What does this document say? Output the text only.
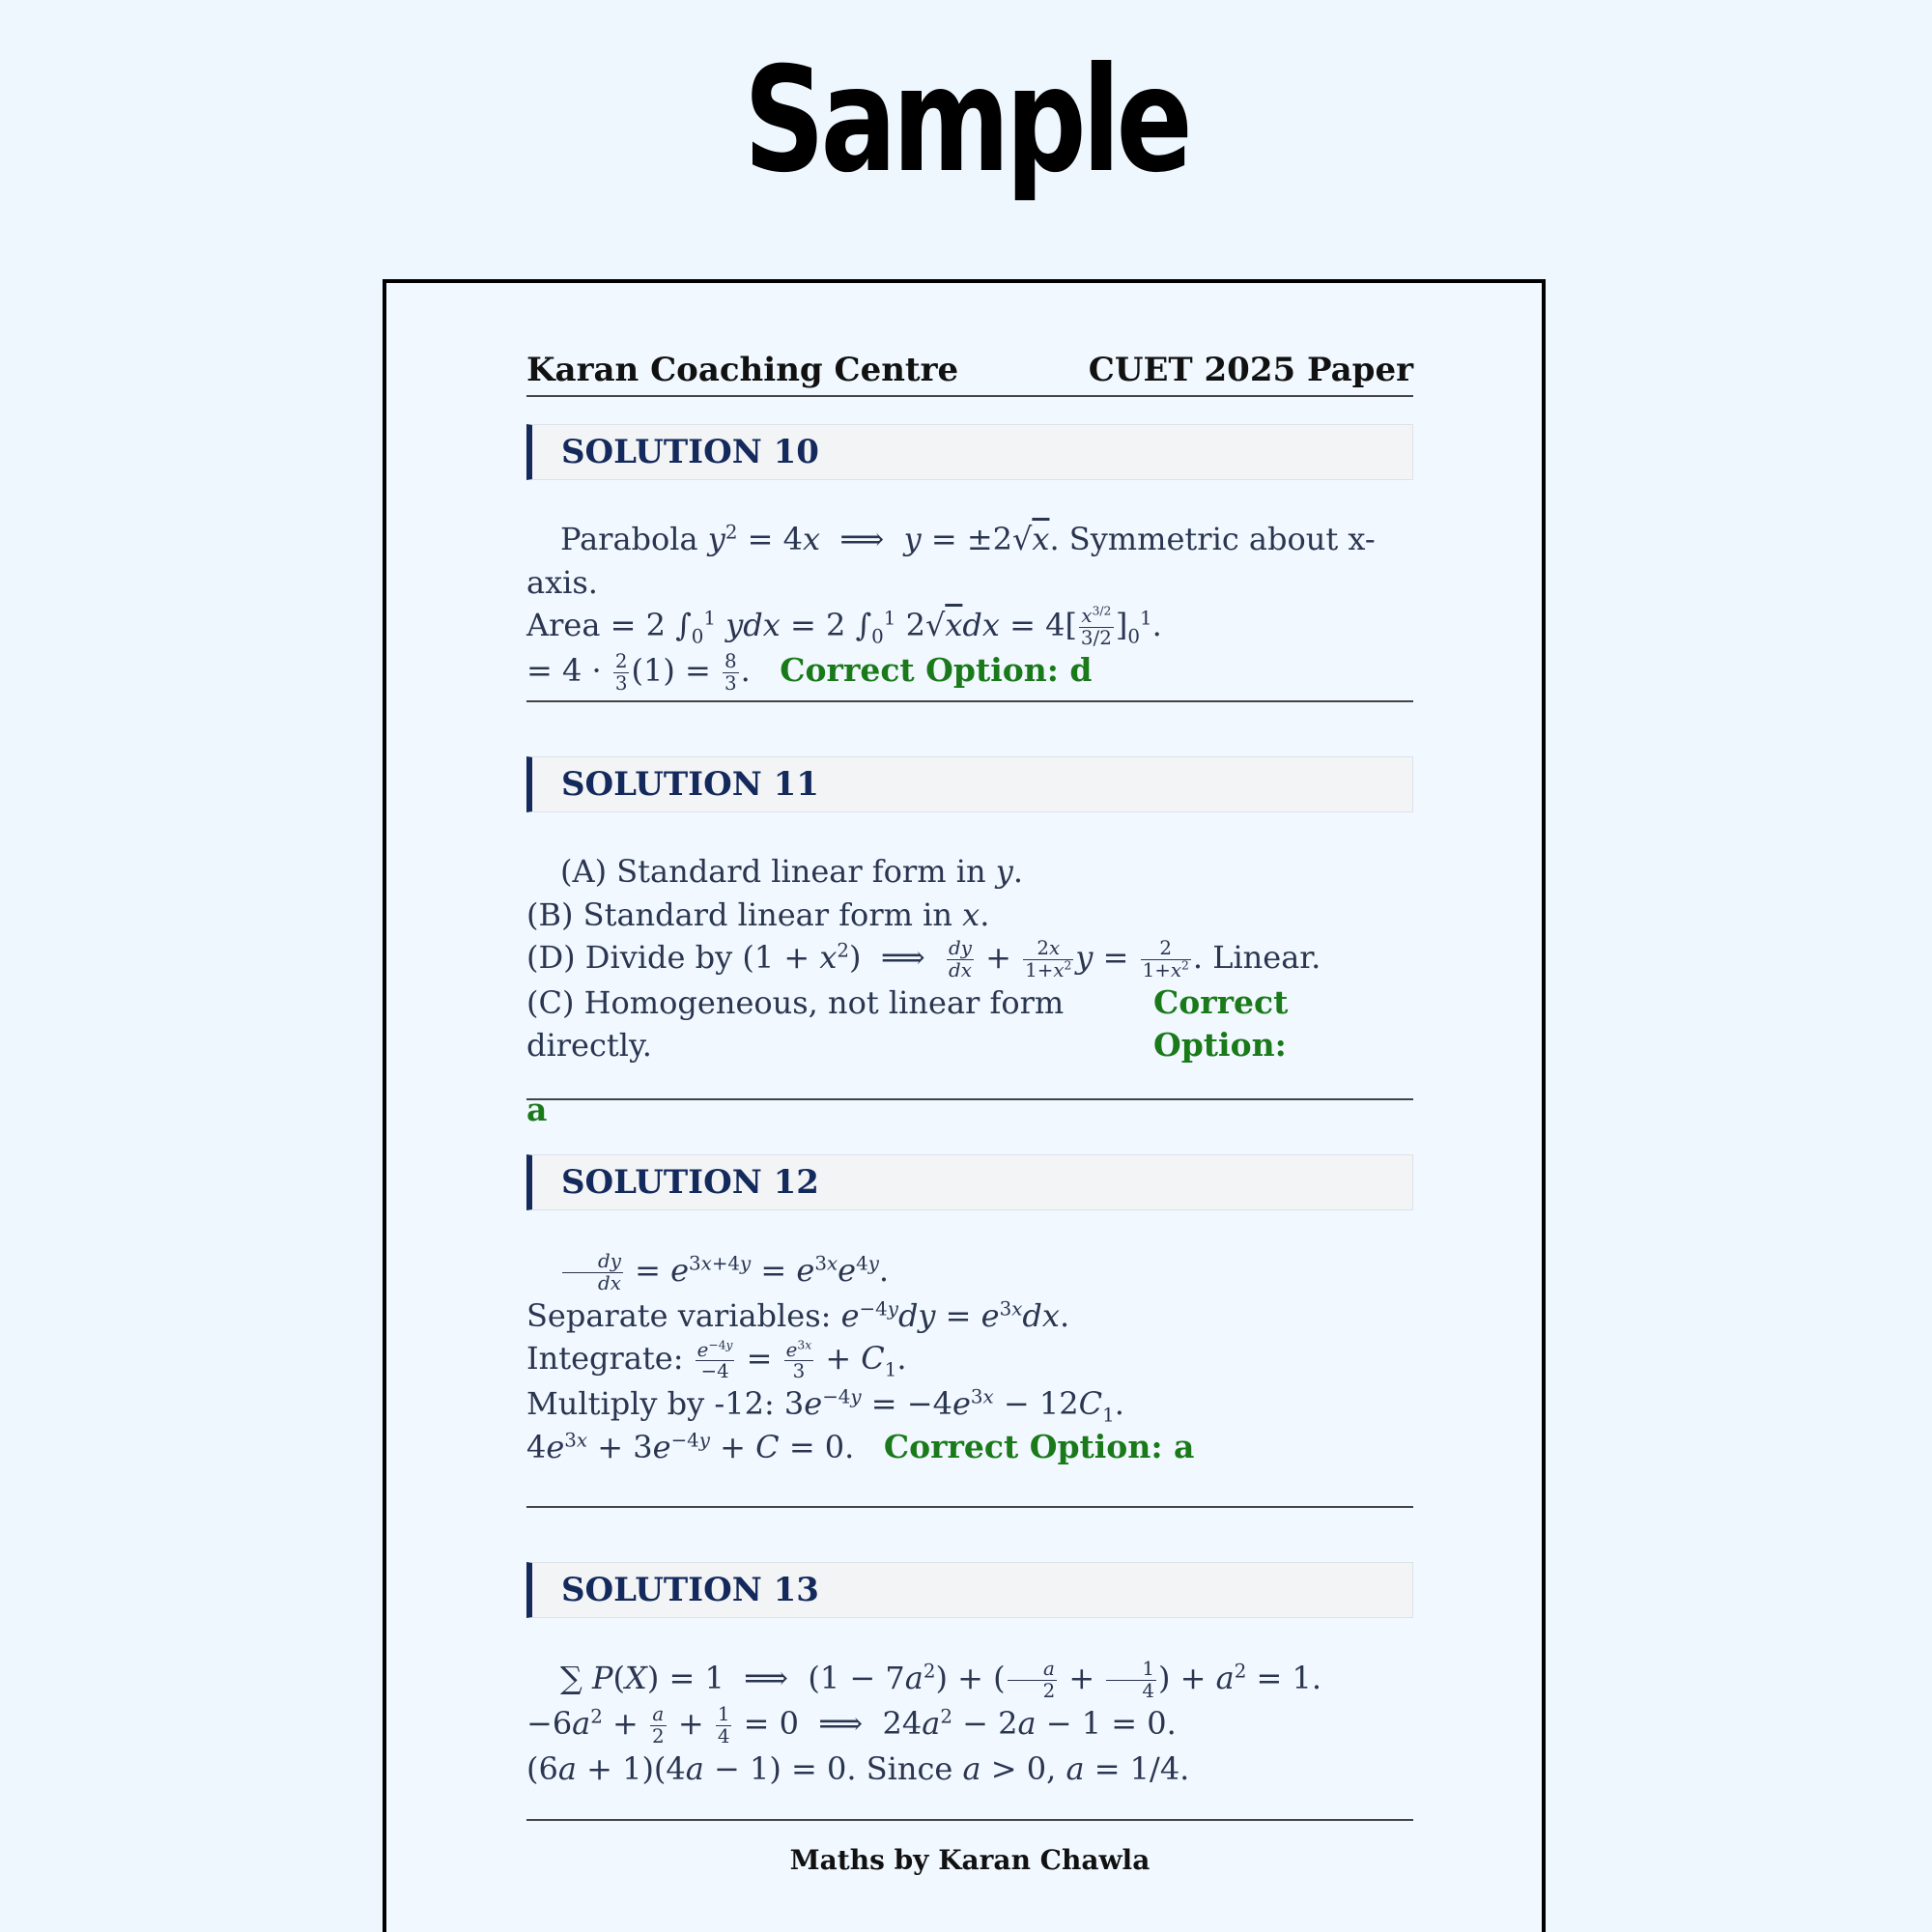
Sample
Karan Coaching Centre	CUET 2025 Paper
SOLUTION 10
Parabola $y^2 = 4x$  ⟹  y = ±2√x. Symmetric about x-axis.
Area = 2 $\int_0^1$ ydx = 2 $\int_0^1$ $2√xdx = 4[ \frac{x^{3/2}}{3/2} ]_0^1$.
= $4 \cdot \frac{2}{3} (1) = \frac{8}{3}$ .   Correct Option: d
SOLUTION 11
(A) Standard linear form in y.
(B) Standard linear form in x.
(D) Divide by $(1 + x^2)$  ⟹ $\frac{dy}{dx} + \frac{2x}{1+x^2}$ $y = \frac{2}{1+x^2}$ . Linear.
(C) Homogeneous, not linear form directly.
Correct Option:
a
SOLUTION 12
$\frac{dy}{dx} = e^{3x+4y} = e^{3x}e^{4y}$.
Separate variables: $e^{-4y}dy = e^{3x}dx$.
Integrate: $\frac{e^{-4y}}{-4} = \frac{e^{3x}}{3} + C_1$.
Multiply by -12: $3e^{-4y} = -4e^{3x} - 12C_1$.
$4e^{3x} + 3e^{-4y} + C = 0$.   Correct Option: a
SOLUTION 13
∑ P(X) = 1  ⟹  $(1 - 7a^2)$ + ( $\frac{a}{2} + \frac{1}{4}$ ) + $a^2 = 1$.
$-6a^2 + \frac{a}{2} + \frac{1}{4} = 0$  ⟹  $24a^2 - 2a - 1 = 0$.
(6a + 1)(4a − 1) = 0. Since a > 0, a = 1/4.
Maths by Karan Chawla
